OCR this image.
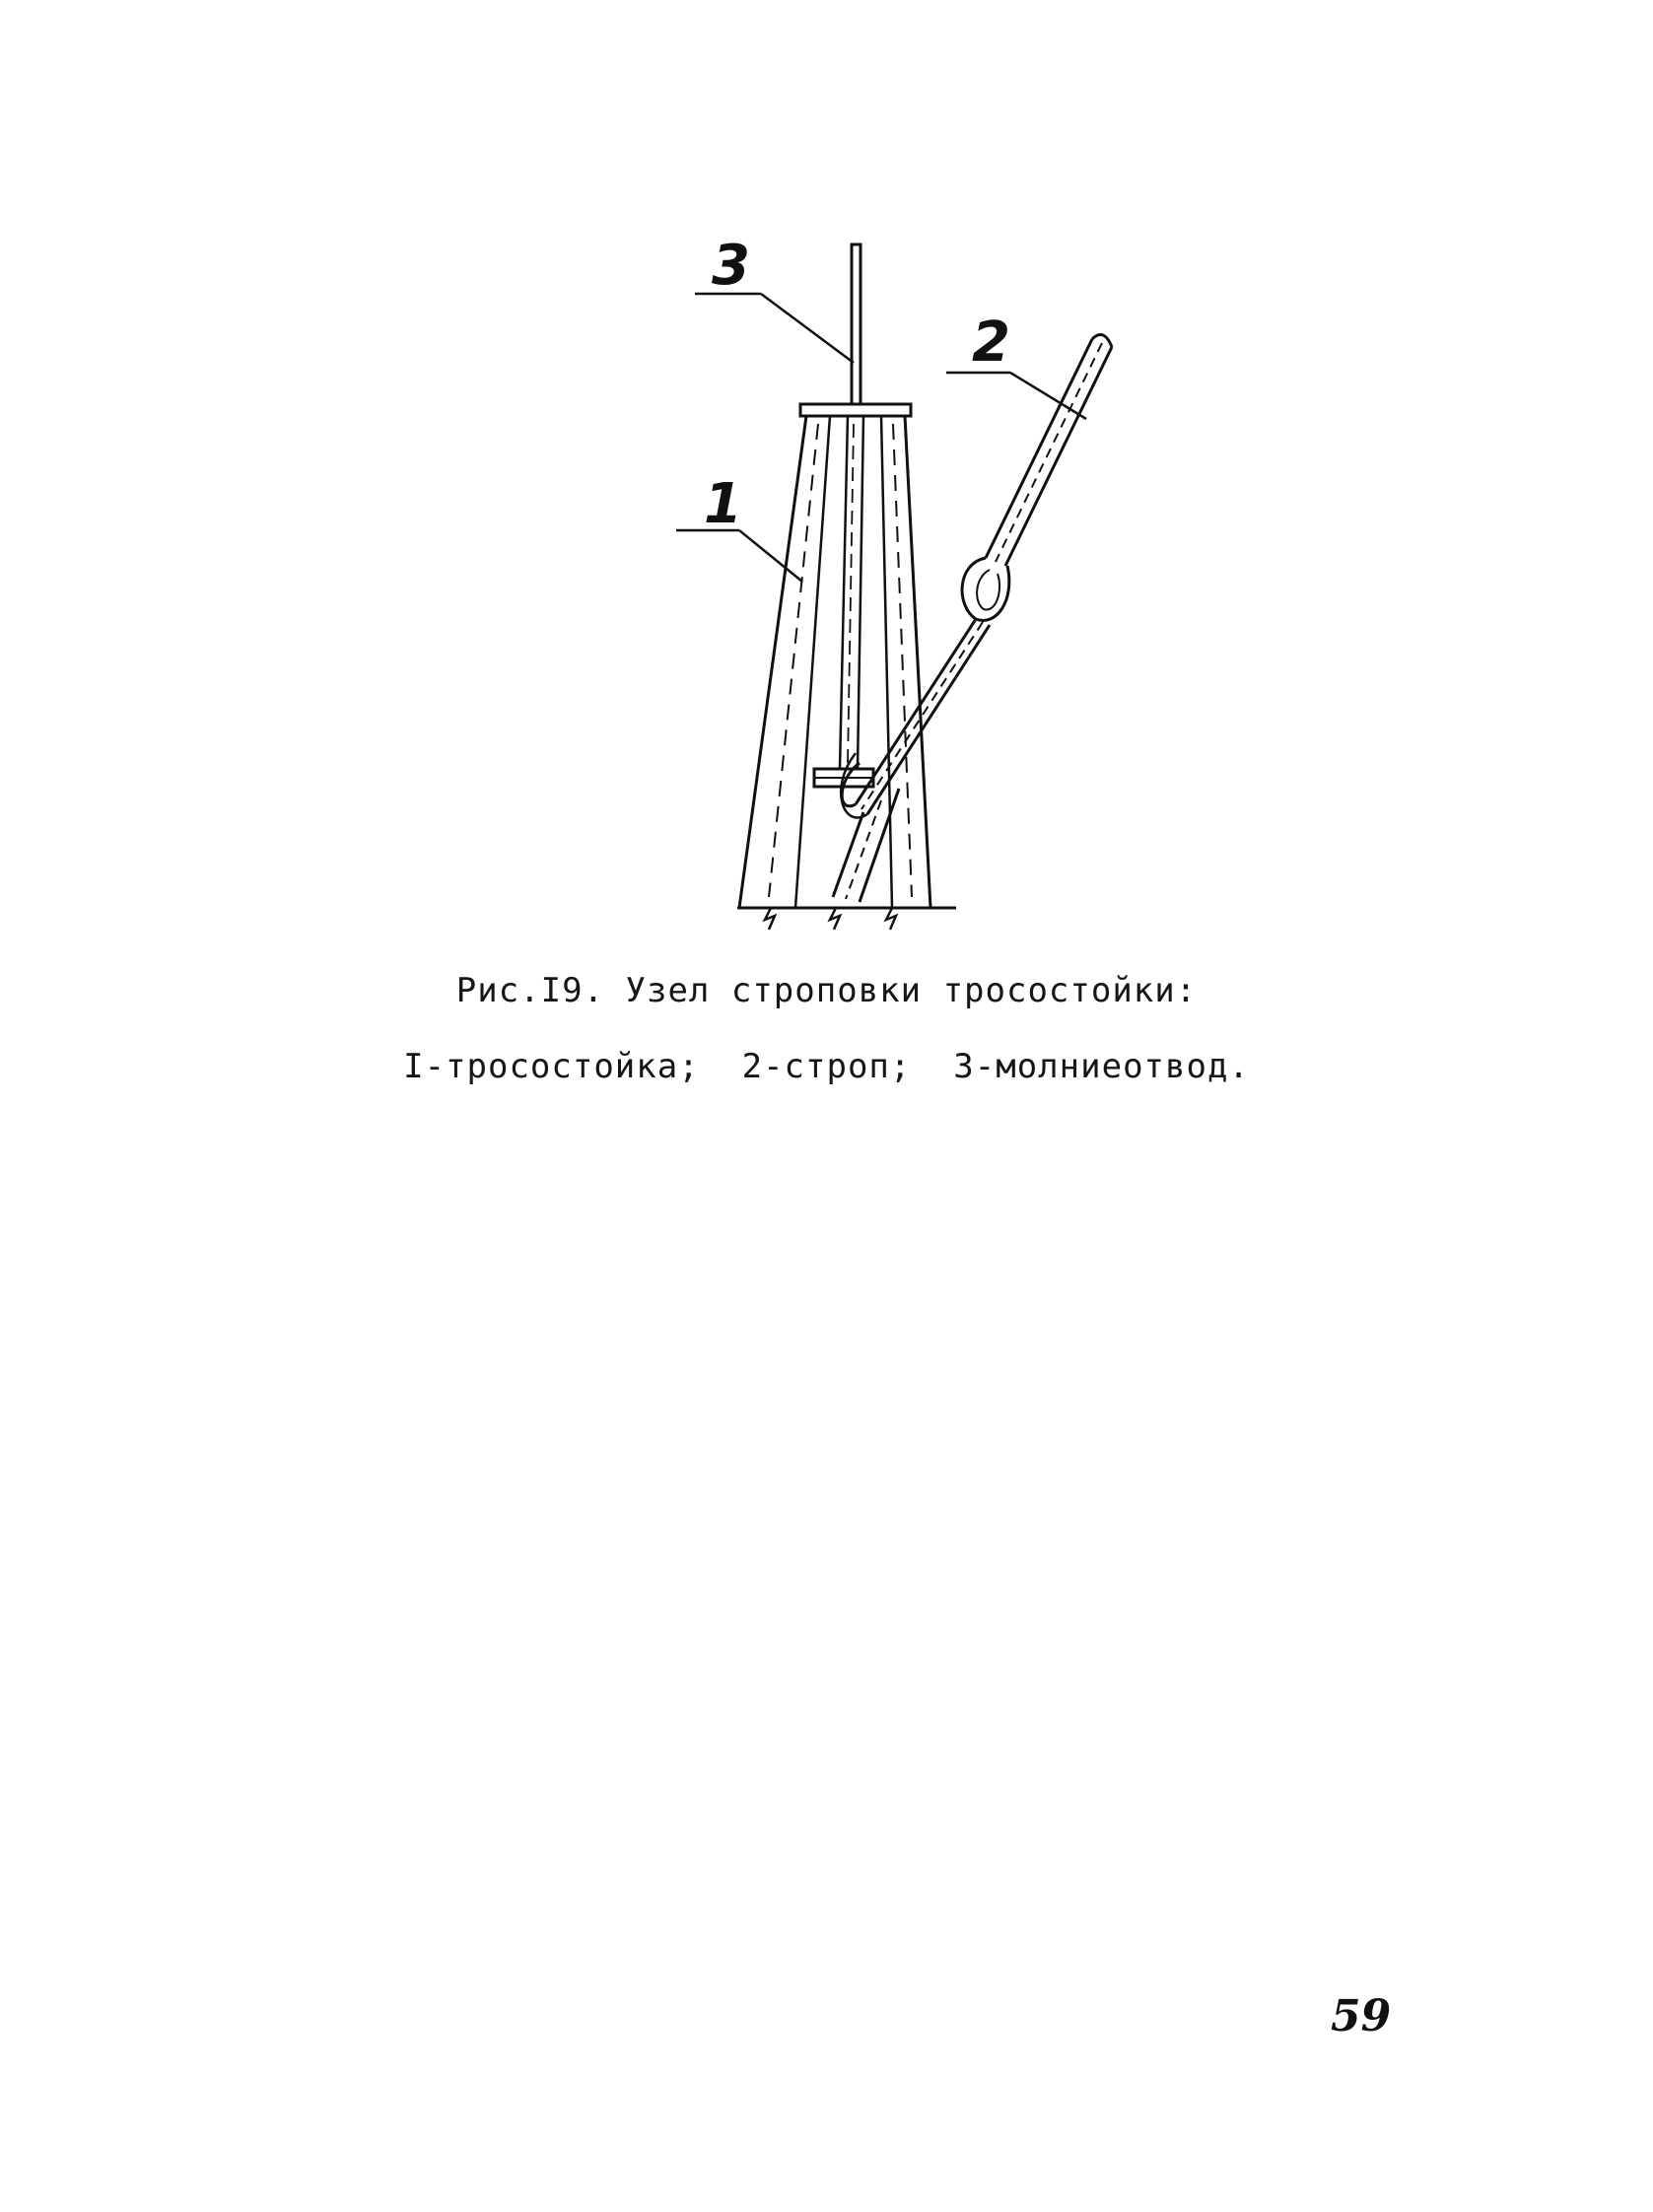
3
2
1
Рис.I9. Узел строповки тросостойки:
I-тросостойка;  2-строп;  3-молниеотвод.
59
